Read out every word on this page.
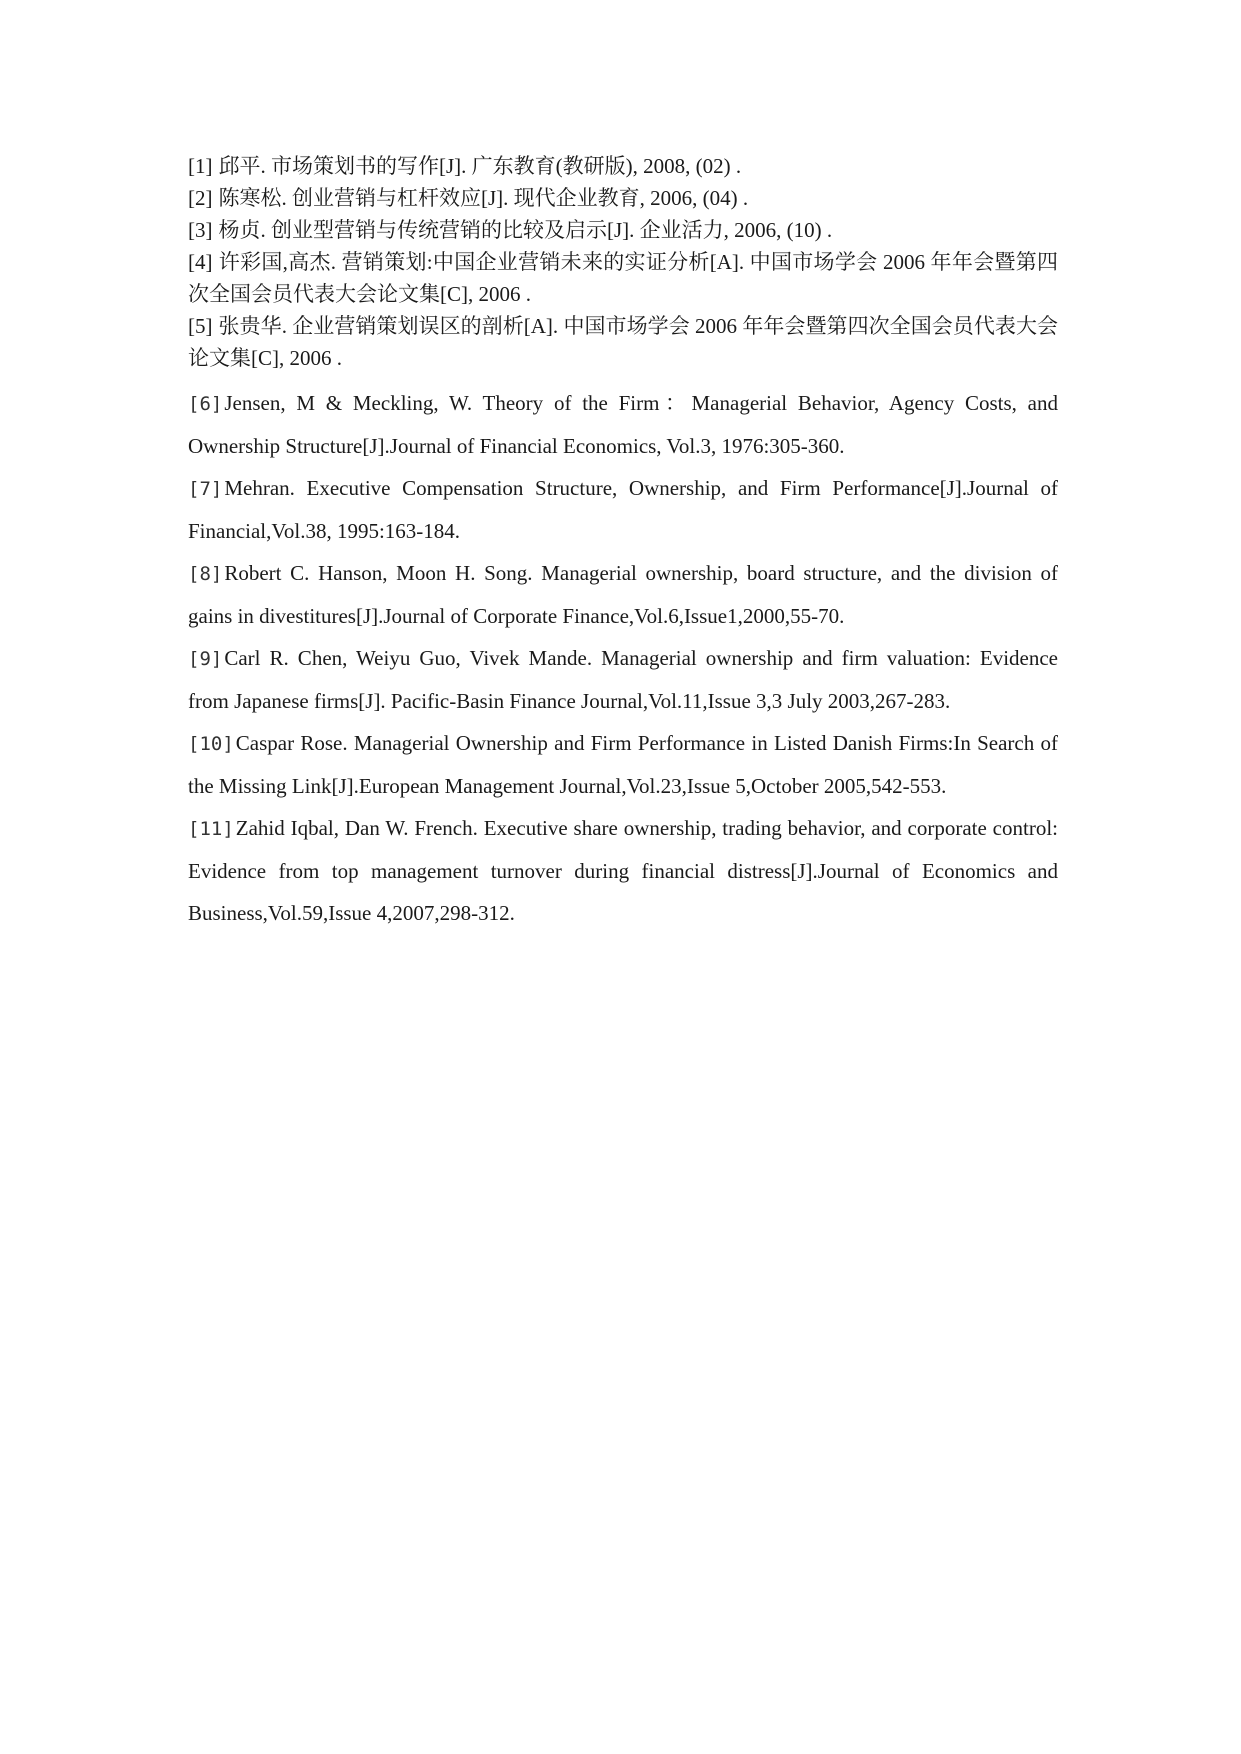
[1] 邱平. 市场策划书的写作[J]. 广东教育(教研版), 2008, (02) .

[2] 陈寒松. 创业营销与杠杆效应[J]. 现代企业教育, 2006, (04) .

[3] 杨贞. 创业型营销与传统营销的比较及启示[J]. 企业活力, 2006, (10) .

[4] 许彩国,高杰. 营销策划:中国企业营销未来的实证分析[A]. 中国市场学会 2006 年年会暨第四次全国会员代表大会论文集[C], 2006 .

[5] 张贵华. 企业营销策划误区的剖析[A]. 中国市场学会 2006 年年会暨第四次全国会员代表大会论文集[C], 2006 .

[6]Jensen, M & Meckling, W. Theory of the Firm：Managerial Behavior, Agency Costs, and Ownership Structure[J].Journal of Financial Economics, Vol.3, 1976:305-360.

[7]Mehran. Executive Compensation Structure, Ownership, and Firm Performance[J].Journal of Financial,Vol.38, 1995:163-184.

[8]Robert C. Hanson, Moon H. Song. Managerial ownership, board structure, and the division of gains in divestitures[J].Journal of Corporate Finance,Vol.6,Issue1,2000,55-70.

[9]Carl R. Chen, Weiyu Guo, Vivek Mande. Managerial ownership and firm valuation: Evidence from Japanese firms[J]. Pacific-Basin Finance Journal,Vol.11,Issue 3,3 July 2003,267-283.

[10]Caspar Rose. Managerial Ownership and Firm Performance in Listed Danish Firms:In Search of the Missing Link[J].European Management Journal,Vol.23,Issue 5,October 2005,542-553.

[11]Zahid Iqbal, Dan W. French. Executive share ownership, trading behavior, and corporate control: Evidence from top management turnover during financial distress[J].Journal of Economics and Business,Vol.59,Issue 4,2007,298-312.
